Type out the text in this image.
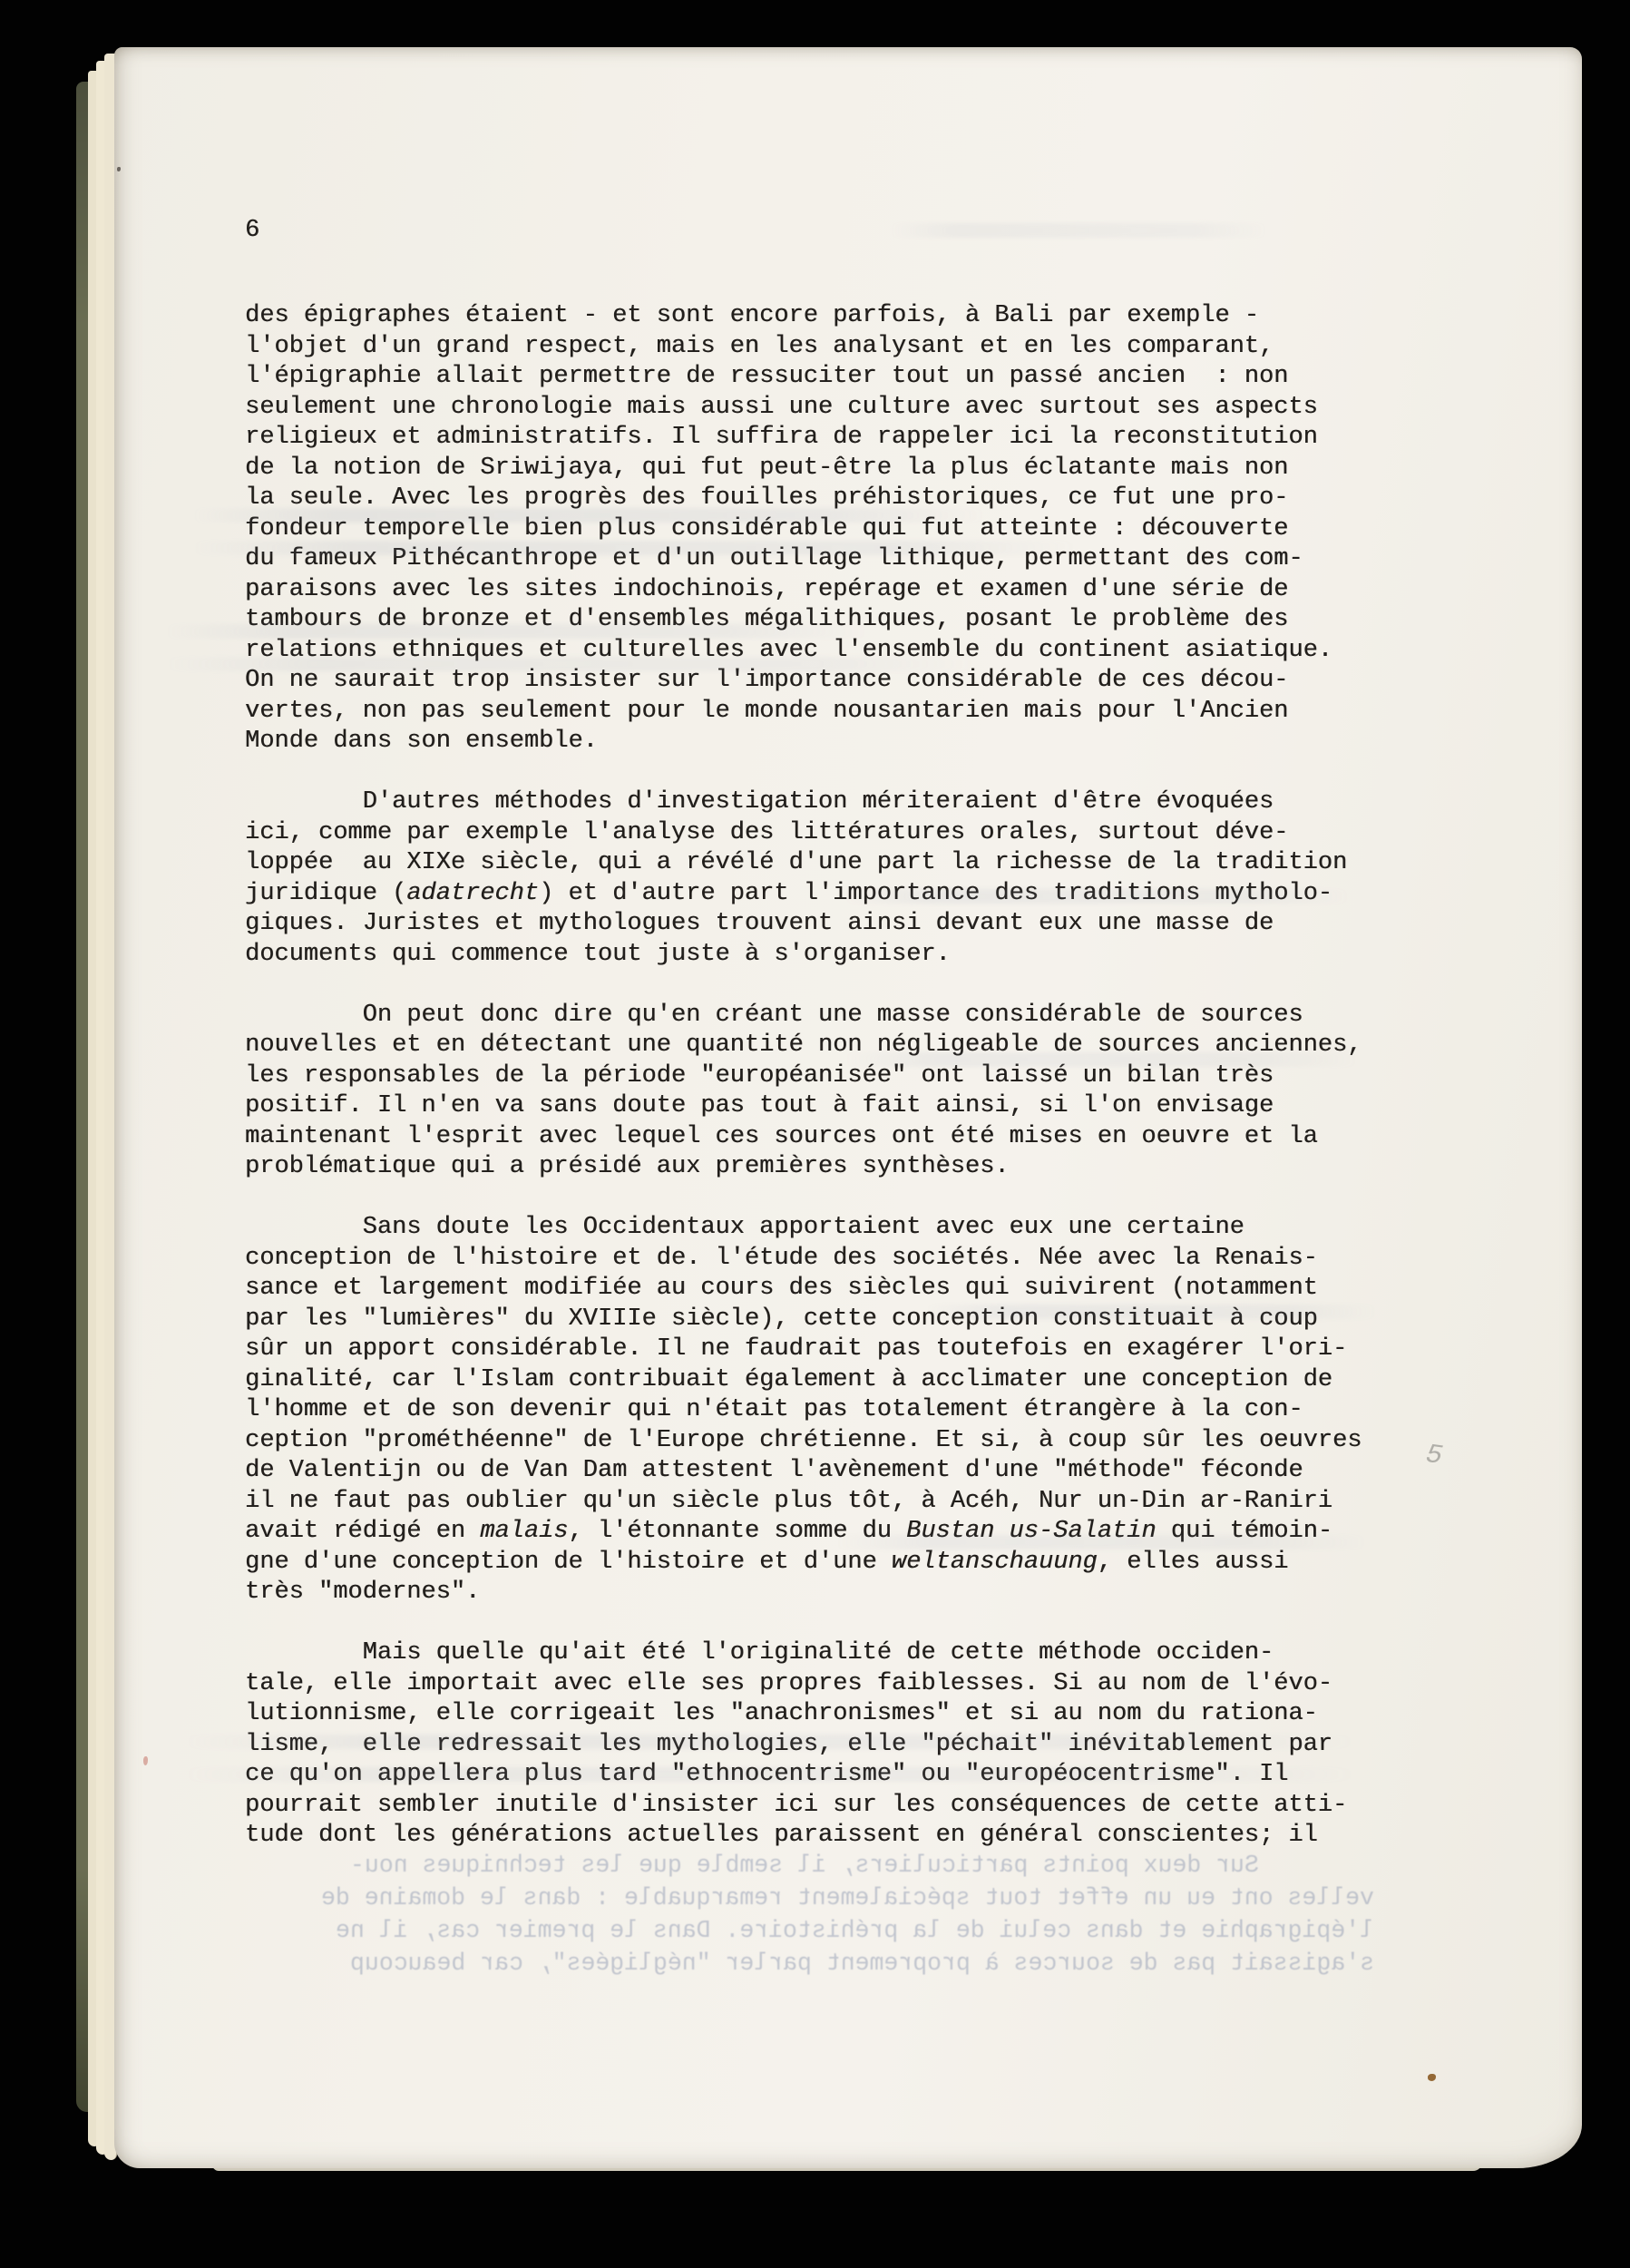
6
des épigraphes étaient - et sont encore parfois, à Bali par exemple -
l'objet d'un grand respect, mais en les analysant et en les comparant,
l'épigraphie allait permettre de ressuciter tout un passé ancien  : non
seulement une chronologie mais aussi une culture avec surtout ses aspects
religieux et administratifs. Il suffira de rappeler ici la reconstitution
de la notion de Sriwijaya, qui fut peut-être la plus éclatante mais non
la seule. Avec les progrès des fouilles préhistoriques, ce fut une pro-
fondeur temporelle bien plus considérable qui fut atteinte : découverte
du fameux Pithécanthrope et d'un outillage lithique, permettant des com-
paraisons avec les sites indochinois, repérage et examen d'une série de
tambours de bronze et d'ensembles mégalithiques, posant le problème des
relations ethniques et culturelles avec l'ensemble du continent asiatique.
On ne saurait trop insister sur l'importance considérable de ces décou-
vertes, non pas seulement pour le monde nousantarien mais pour l'Ancien
Monde dans son ensemble.
D'autres méthodes d'investigation mériteraient d'être évoquées
ici, comme par exemple l'analyse des littératures orales, surtout déve-
loppée  au XIXe siècle, qui a révélé d'une part la richesse de la tradition
juridique (adatrecht) et d'autre part l'importance des traditions mytholo-
giques. Juristes et mythologues trouvent ainsi devant eux une masse de
documents qui commence tout juste à s'organiser.
On peut donc dire qu'en créant une masse considérable de sources
nouvelles et en détectant une quantité non négligeable de sources anciennes,
les responsables de la période "européanisée" ont laissé un bilan très
positif. Il n'en va sans doute pas tout à fait ainsi, si l'on envisage
maintenant l'esprit avec lequel ces sources ont été mises en oeuvre et la
problématique qui a présidé aux premières synthèses.
Sans doute les Occidentaux apportaient avec eux une certaine
conception de l'histoire et de. l'étude des sociétés. Née avec la Renais-
sance et largement modifiée au cours des siècles qui suivirent (notamment
par les "lumières" du XVIIIe siècle), cette conception constituait à coup
sûr un apport considérable. Il ne faudrait pas toutefois en exagérer l'ori-
ginalité, car l'Islam contribuait également à acclimater une conception de
l'homme et de son devenir qui n'était pas totalement étrangère à la con-
ception "prométhéenne" de l'Europe chrétienne. Et si, à coup sûr les oeuvres
de Valentijn ou de Van Dam attestent l'avènement d'une "méthode" féconde
il ne faut pas oublier qu'un siècle plus tôt, à Acéh, Nur un-Din ar-Raniri
avait rédigé en malais, l'étonnante somme du Bustan us-Salatin qui témoin-
gne d'une conception de l'histoire et d'une weltanschauung, elles aussi
très "modernes".
Mais quelle qu'ait été l'originalité de cette méthode occiden-
tale, elle importait avec elle ses propres faiblesses. Si au nom de l'évo-
lutionnisme, elle corrigeait les "anachronismes" et si au nom du rationa-
lisme,  elle redressait les mythologies, elle "péchait" inévitablement par
ce qu'on appellera plus tard "ethnocentrisme" ou "européocentrisme". Il
pourrait sembler inutile d'insister ici sur les conséquences de cette atti-
tude dont les générations actuelles paraissent en général conscientes; il
Sur deux points particuliers, il semble que les techniques nou-
velles ont eu un effet tout spécialement remarquable : dans le domaine de
l'épigraphie et dans celui de la préhistoire. Dans le premier cas, il ne
s'agissait pas de sources à proprement parler "négligées", car beaucoup
5
